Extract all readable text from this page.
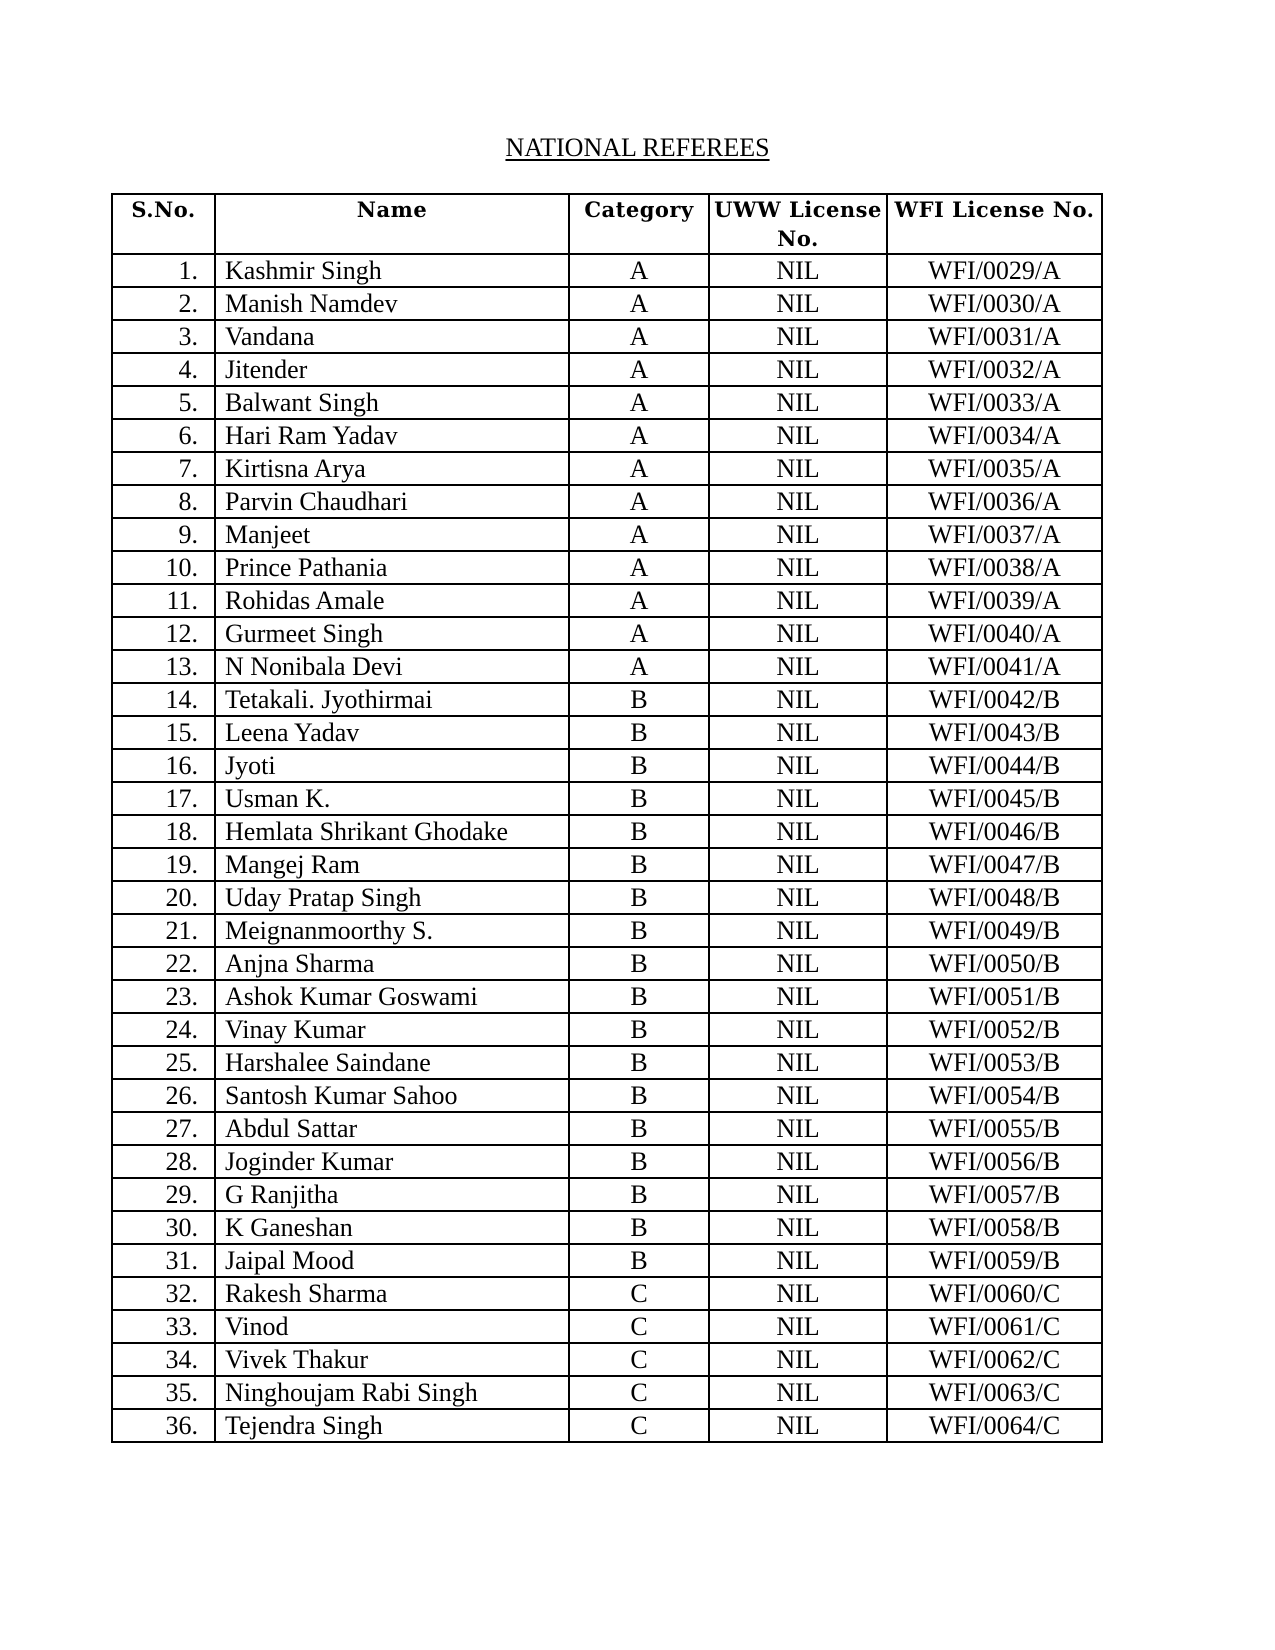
NATIONAL REFEREES
S.No.	Name	Category	UWW License No.	WFI License No.
1.	Kashmir Singh	A	NIL	WFI/0029/A
2.	Manish Namdev	A	NIL	WFI/0030/A
3.	Vandana	A	NIL	WFI/0031/A
4.	Jitender	A	NIL	WFI/0032/A
5.	Balwant Singh	A	NIL	WFI/0033/A
6.	Hari Ram Yadav	A	NIL	WFI/0034/A
7.	Kirtisna Arya	A	NIL	WFI/0035/A
8.	Parvin Chaudhari	A	NIL	WFI/0036/A
9.	Manjeet	A	NIL	WFI/0037/A
10.	Prince Pathania	A	NIL	WFI/0038/A
11.	Rohidas Amale	A	NIL	WFI/0039/A
12.	Gurmeet Singh	A	NIL	WFI/0040/A
13.	N Nonibala Devi	A	NIL	WFI/0041/A
14.	Tetakali. Jyothirmai	B	NIL	WFI/0042/B
15.	Leena Yadav	B	NIL	WFI/0043/B
16.	Jyoti	B	NIL	WFI/0044/B
17.	Usman K.	B	NIL	WFI/0045/B
18.	Hemlata Shrikant Ghodake	B	NIL	WFI/0046/B
19.	Mangej Ram	B	NIL	WFI/0047/B
20.	Uday Pratap Singh	B	NIL	WFI/0048/B
21.	Meignanmoorthy S.	B	NIL	WFI/0049/B
22.	Anjna Sharma	B	NIL	WFI/0050/B
23.	Ashok Kumar Goswami	B	NIL	WFI/0051/B
24.	Vinay Kumar	B	NIL	WFI/0052/B
25.	Harshalee Saindane	B	NIL	WFI/0053/B
26.	Santosh Kumar Sahoo	B	NIL	WFI/0054/B
27.	Abdul Sattar	B	NIL	WFI/0055/B
28.	Joginder Kumar	B	NIL	WFI/0056/B
29.	G Ranjitha	B	NIL	WFI/0057/B
30.	K Ganeshan	B	NIL	WFI/0058/B
31.	Jaipal Mood	B	NIL	WFI/0059/B
32.	Rakesh Sharma	C	NIL	WFI/0060/C
33.	Vinod	C	NIL	WFI/0061/C
34.	Vivek Thakur	C	NIL	WFI/0062/C
35.	Ninghoujam Rabi Singh	C	NIL	WFI/0063/C
36.	Tejendra Singh	C	NIL	WFI/0064/C
